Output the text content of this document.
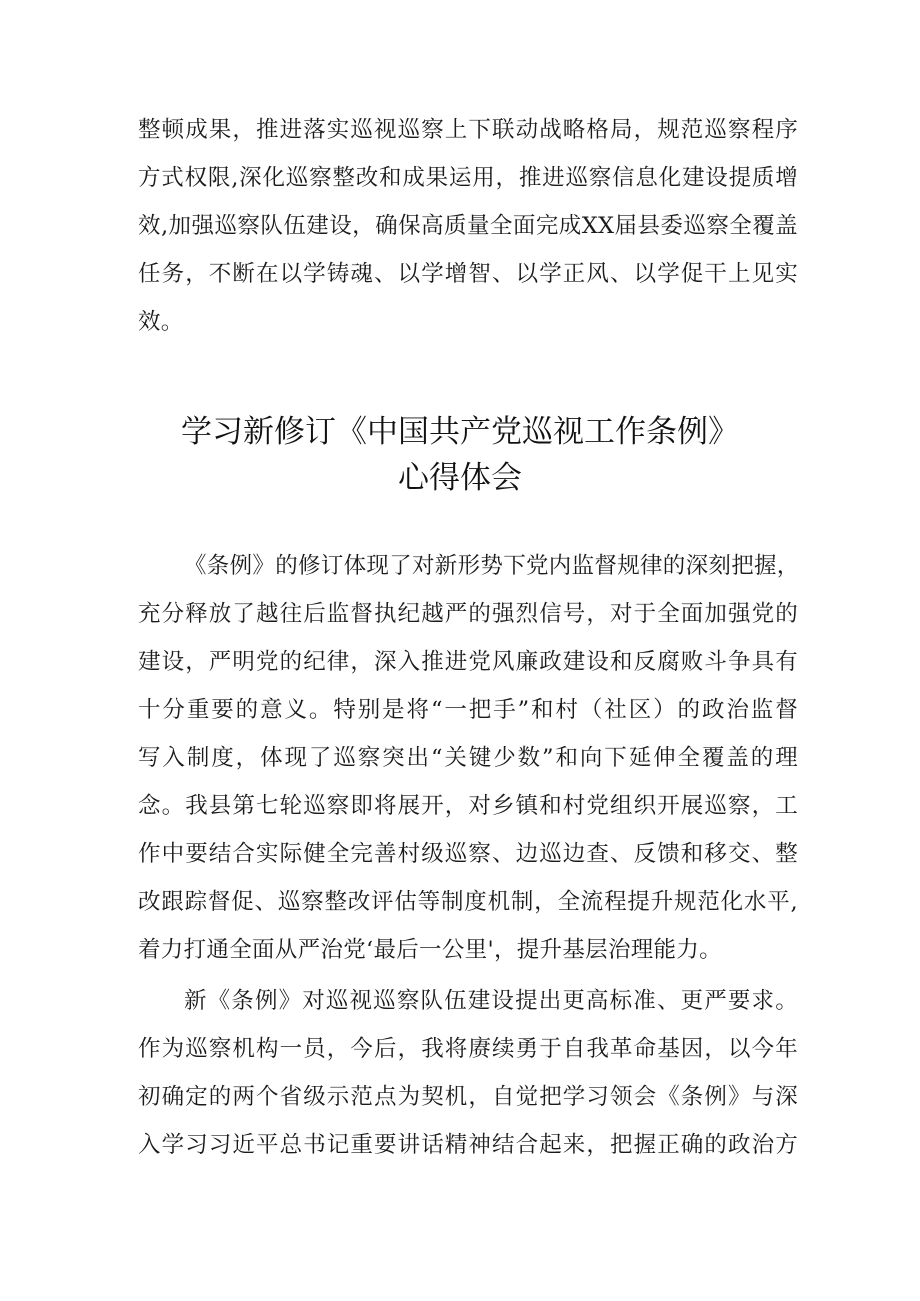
整顿成果，推进落实巡视巡察上下联动战略格局，规范巡察程序

方式权限,深化巡察整改和成果运用，推进巡察信息化建设提质增

效,加强巡察队伍建设，确保高质量全面完成XX届县委巡察全覆盖

任务，不断在以学铸魂、以学增智、以学正风、以学促干上见实

效。

学习新修订《中国共产党巡视工作条例》
心得体会

《条例》的修订体现了对新形势下党内监督规律的深刻把握，

充分释放了越往后监督执纪越严的强烈信号，对于全面加强党的

建设，严明党的纪律，深入推进党风廉政建设和反腐败斗争具有

十分重要的意义。特别是将“一把手”和村（社区）的政治监督

写入制度，体现了巡察突出“关键少数”和向下延伸全覆盖的理

念。我县第七轮巡察即将展开，对乡镇和村党组织开展巡察，工

作中要结合实际健全完善村级巡察、边巡边查、反馈和移交、整

改跟踪督促、巡察整改评估等制度机制，全流程提升规范化水平,

着力打通全面从严治党‘最后一公里'，提升基层治理能力。

新《条例》对巡视巡察队伍建设提出更高标准、更严要求。

作为巡察机构一员，今后，我将赓续勇于自我革命基因，以今年

初确定的两个省级示范点为契机，自觉把学习领会《条例》与深

入学习习近平总书记重要讲话精神结合起来，把握正确的政治方
